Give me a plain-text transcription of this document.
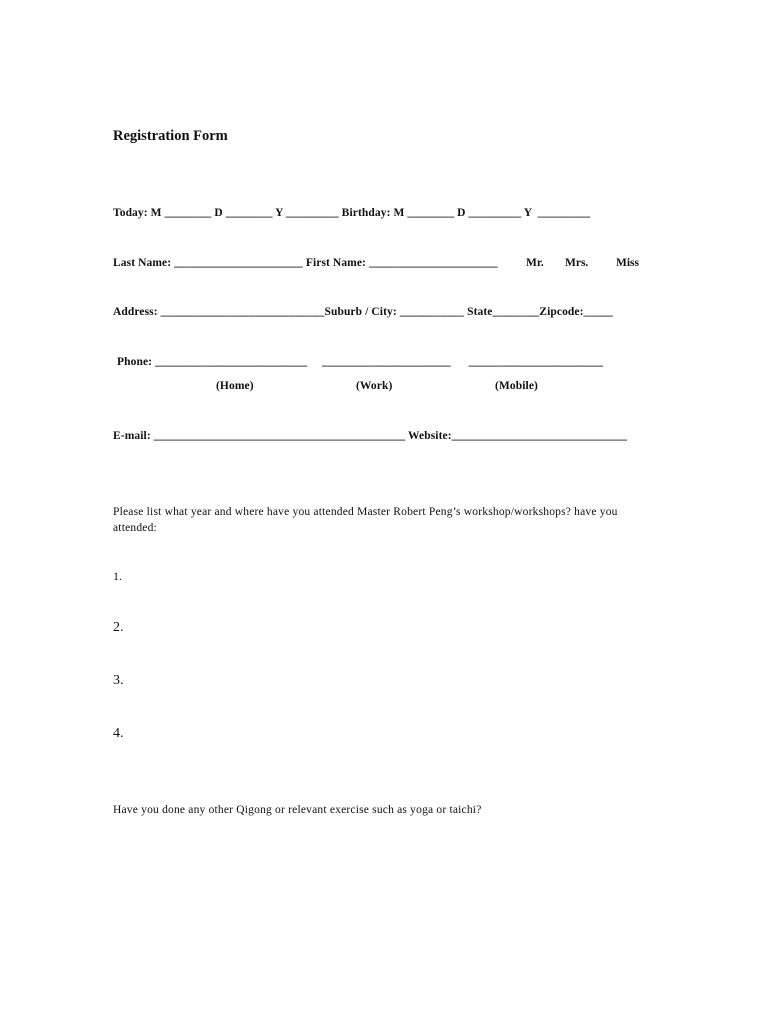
Registration Form
Today: M ________ D ________ Y _________ Birthday: M ________ D _________ Y  _________
Last Name: ______________________ First Name: ______________________ Mr. Mrs. Miss
Address: ____________________________Suburb / City: ___________ State________Zipcode:_____
Phone: __________________________     ______________________      _______________________
(Home)	(Work)	(Mobile)
E-mail: ___________________________________________ Website:______________________________

Please list what year and where have you attended Master Robert Peng’s workshop/workshops? have you attended:

1.
2.
3.
4.

Have you done any other Qigong or relevant exercise such as yoga or taichi?
